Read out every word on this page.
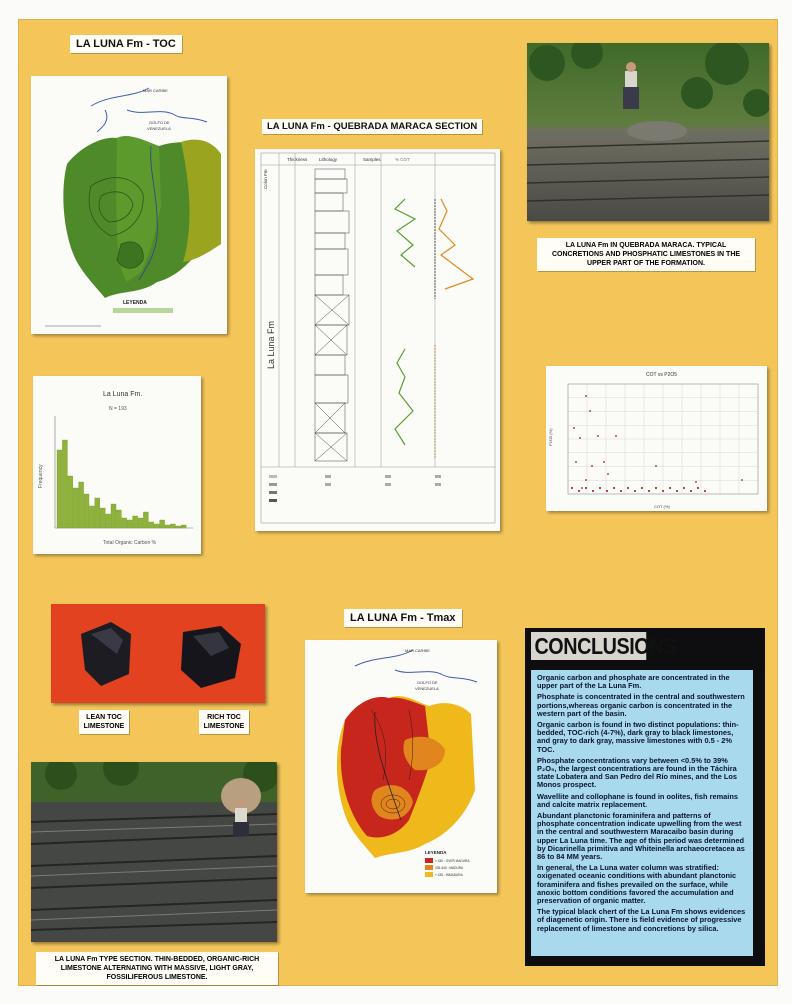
LA LUNA Fm - TOC
MAR CARIBE
GOLFO DE
VENEZUELA
LEYENDA
La Luna Fm.
N = 193
Frequency
Total Organic Carbon %
LA LUNA Fm - QUEBRADA MARACA SECTION
Thickness	Lithology	Samples	% COT
Colon Fm
La Luna Fm
LA LUNA Fm IN QUEBRADA MARACA. TYPICAL CONCRETIONS AND PHOSPHATIC LIMESTONES IN THE UPPER PART OF THE FORMATION.
COT vs P2O5
COT (%)
P2O5 (%)
LEAN TOC LIMESTONE
RICH TOC LIMESTONE
LA LUNA Fm - Tmax
MAR CARIBE
GOLFO DE
VENEZUELA
LEYENDA
> 440 : OVER MADURA
435-440 : MADURA
< 435 : INMADURA
LA LUNA Fm TYPE SECTION. THIN-BEDDED, ORGANIC-RICH LIMESTONE ALTERNATING WITH MASSIVE, LIGHT GRAY, FOSSILIFEROUS LIMESTONE.
CONCLUSIONS

Organic carbon and phosphate are concentrated in the upper part of the La Luna Fm.

Phosphate is concentrated in the central and southwestern portions,whereas organic carbon is concentrated in the western part of the basin.

Organic carbon is found in two distinct populations: thin-bedded, TOC-rich (4-7%), dark gray to black limestones, and gray to dark gray, massive limestones with 0.5 - 2% TOC.

Phosphate concentrations vary between <0.5% to 39% P₂O₅, the largest concentrations are found in the Táchira state Lobatera and San Pedro del Río mines, and the Los Monos prospect.

Wavellite and collophane is found in oolites, fish remains and calcite matrix replacement.

Abundant planctonic foraminifera and patterns of phosphate concentration indicate upwelling from the west in the central and southwestern Maracaibo basin during upper La Luna time. The age of this period was determined by Dicarinella primitiva and Whiteinella archaeocretacea as 86 to 84 MM years.

In general, the La Luna water column was stratified: oxigenated oceanic conditions with abundant planctonic foraminifera and fishes prevailed on the surface, while anoxic bottom conditions favored the accumulation and preservation of organic matter.

The typical black chert of the La Luna Fm shows evidences of diagenetic origin. There is field evidence of progressive replacement of limestone and concretions by silica.
